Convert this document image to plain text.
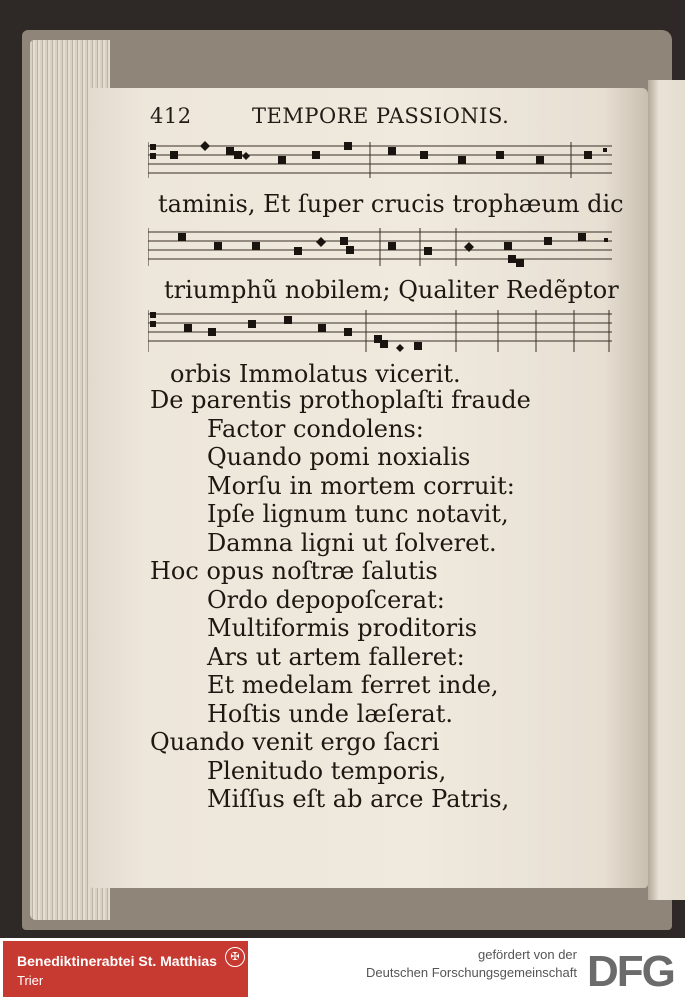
412	TEMPORE PASSIONIS.
taminis, Et ſuper crucis trophæum dic
triumphũ nobilem; Qualiter Redẽptor
orbis Immolatus vicerit.
De parentis prothoplaſti fraude
Factor condolens:
Quando pomi noxialis
Morſu in mortem corruit:
Ipſe lignum tunc notavit,
Damna ligni ut ſolveret.
Hoc opus noſtræ ſalutis
Ordo depopoſcerat:
Multiformis proditoris
Ars ut artem falleret:
Et medelam ferret inde,
Hoſtis unde læſerat.
Quando venit ergo ſacri
Plenitudo temporis,
Miſſus eſt ab arce Patris,
Benediktinerabtei St. Matthias
Trier
✠	gefördert von der
Deutschen Forschungsgemeinschaft DFG
